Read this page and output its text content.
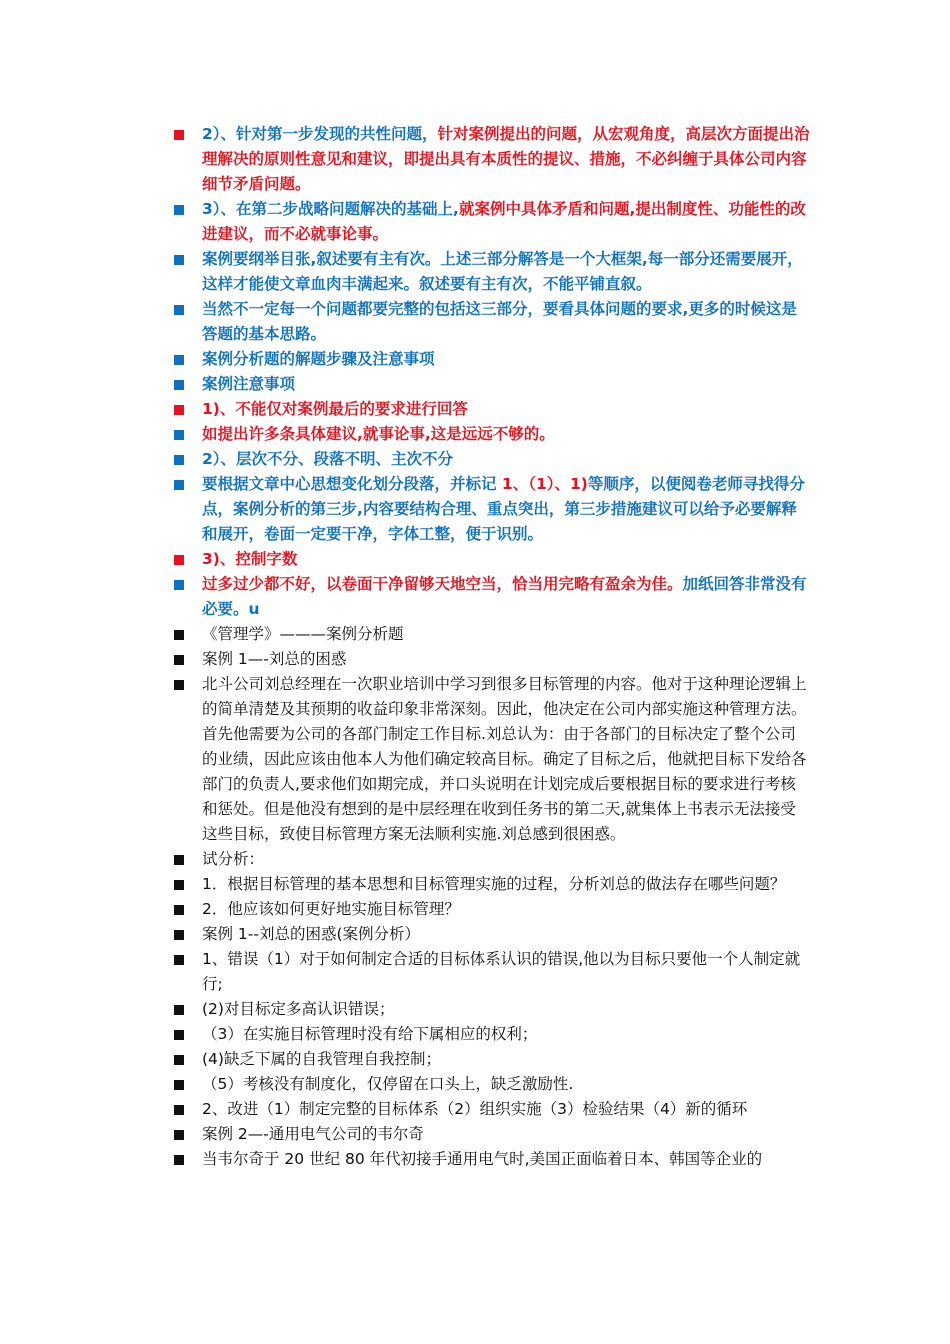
2）、针对第一步发现的共性问题，针对案例提出的问题，从宏观角度，高层次方面提出治理解决的原则性意见和建议，即提出具有本质性的提议、措施，不必纠缠于具体公司内容细节矛盾问题。

3）、在第二步战略问题解决的基础上,就案例中具体矛盾和问题,提出制度性、功能性的改进建议，而不必就事论事。

案例要纲举目张,叙述要有主有次。上述三部分解答是一个大框架,每一部分还需要展开，这样才能使文章血肉丰满起来。叙述要有主有次，不能平铺直叙。

当然不一定每一个问题都要完整的包括这三部分，要看具体问题的要求,更多的时候这是答题的基本思路。

案例分析题的解题步骤及注意事项

案例注意事项

1)、不能仅对案例最后的要求进行回答

如提出许多条具体建议,就事论事,这是远远不够的。

2）、层次不分、段落不明、主次不分

要根据文章中心思想变化划分段落，并标记 1、（1）、1)等顺序，以便阅卷老师寻找得分点，案例分析的第三步,内容要结构合理、重点突出，第三步措施建议可以给予必要解释和展开，卷面一定要干净，字体工整，便于识别。

3)、控制字数

过多过少都不好，以卷面干净留够天地空当，恰当用完略有盈余为佳。加纸回答非常没有必要。u

《管理学》———案例分析题

案例 1—-刘总的困惑

北斗公司刘总经理在一次职业培训中学习到很多目标管理的内容。他对于这种理论逻辑上的简单清楚及其预期的收益印象非常深刻。因此，他决定在公司内部实施这种管理方法。首先他需要为公司的各部门制定工作目标.刘总认为：由于各部门的目标决定了整个公司的业绩，因此应该由他本人为他们确定较高目标。确定了目标之后，他就把目标下发给各部门的负责人,要求他们如期完成，并口头说明在计划完成后要根据目标的要求进行考核和惩处。但是他没有想到的是中层经理在收到任务书的第二天,就集体上书表示无法接受这些目标，致使目标管理方案无法顺利实施.刘总感到很困惑。

试分析：

1．根据目标管理的基本思想和目标管理实施的过程，分析刘总的做法存在哪些问题？

2．他应该如何更好地实施目标管理？

案例 1--刘总的困惑(案例分析）

1、错误（1）对于如何制定合适的目标体系认识的错误,他以为目标只要他一个人制定就行;

(2)对目标定多高认识错误；

（3）在实施目标管理时没有给下属相应的权利；

(4)缺乏下属的自我管理自我控制；

（5）考核没有制度化，仅停留在口头上，缺乏激励性.

2、改进（1）制定完整的目标体系（2）组织实施（3）检验结果（4）新的循环

案例 2—-通用电气公司的韦尔奇

当韦尔奇于 20 世纪 80 年代初接手通用电气时,美国正面临着日本、韩国等企业的
